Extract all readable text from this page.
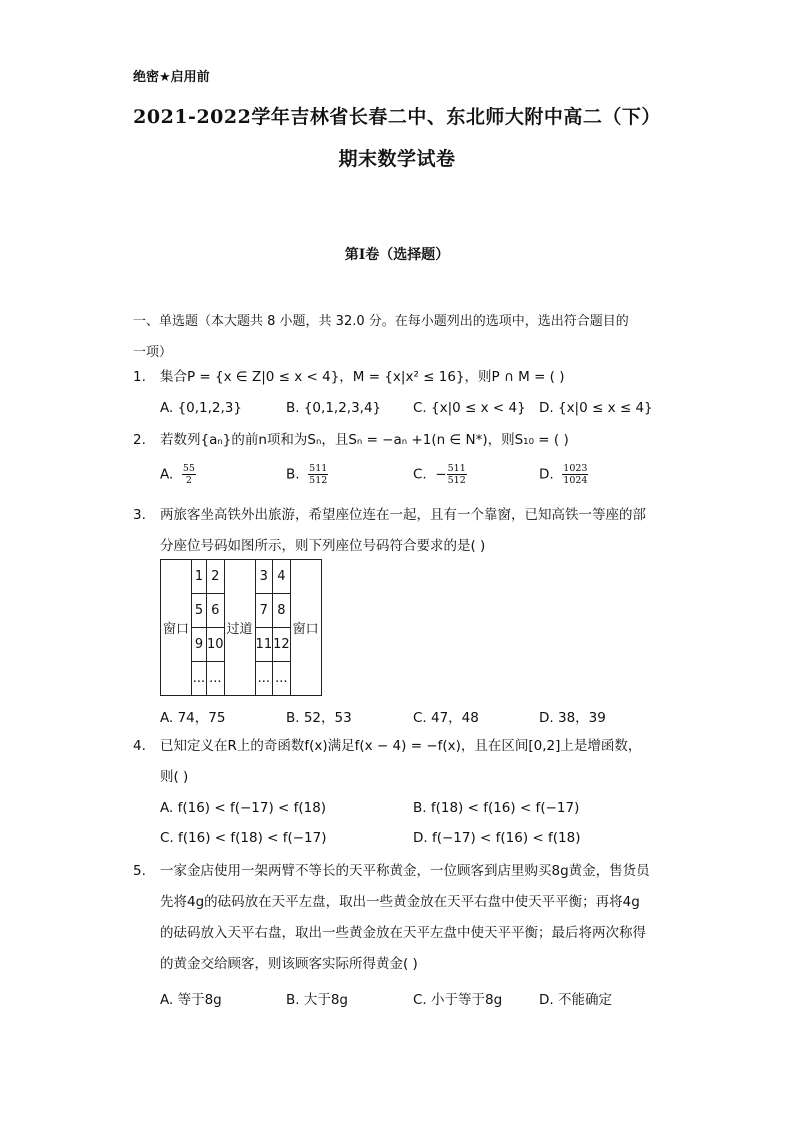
绝密★启用前
2021-2022学年吉林省长春二中、东北师大附中高二（下）
期末数学试卷
第I卷（选择题）
一、单选题（本大题共 8 小题，共 32.0 分。在每小题列出的选项中，选出符合题目的
一项）
1.	集合P = {x ∈ Z|0 ≤ x < 4}，M = {x|x² ≤ 16}，则P ∩ M = ( )
A. {0,1,2,3}	B. {0,1,2,3,4} C. {x|0 ≤ x < 4} D. {x|0 ≤ x ≤ 4}
2.	若数列{aₙ}的前n项和为Sₙ，且Sₙ = −aₙ +1(n ∈ N*)，则S₁₀ = ( )
A. $\frac{55}{2}$	B. $\frac{511}{512}$	C. − $\frac{511}{512}$	D. $\frac{1023}{1024}$
3.	两旅客坐高铁外出旅游，希望座位连在一起，且有一个靠窗，已知高铁一等座的部
分座位号码如图所示，则下列座位号码符合要求的是( )
窗口	1	2	过道	3	4	窗口
	5	6		7	8	
	9	10		11	12	
	...	...		...	...	
A. 74，75	B. 52，53	C. 47，48	D. 38，39
4.	已知定义在R上的奇函数f(x)满足f(x − 4) = −f(x)，且在区间[0,2]上是增函数，
则( )
A. f(16) < f(−17) < f(18)	B. f(18) < f(16) < f(−17)
C. f(16) < f(18) < f(−17)	D. f(−17) < f(16) < f(18)
5.	一家金店使用一架两臂不等长的天平称黄金，一位顾客到店里购买8g黄金，售货员
先将4g的砝码放在天平左盘，取出一些黄金放在天平右盘中使天平平衡；再将4g
的砝码放入天平右盘，取出一些黄金放在天平左盘中使天平平衡；最后将两次称得
的黄金交给顾客，则该顾客实际所得黄金( )
A. 等于8g	B. 大于8g	C. 小于等于8g	D. 不能确定
